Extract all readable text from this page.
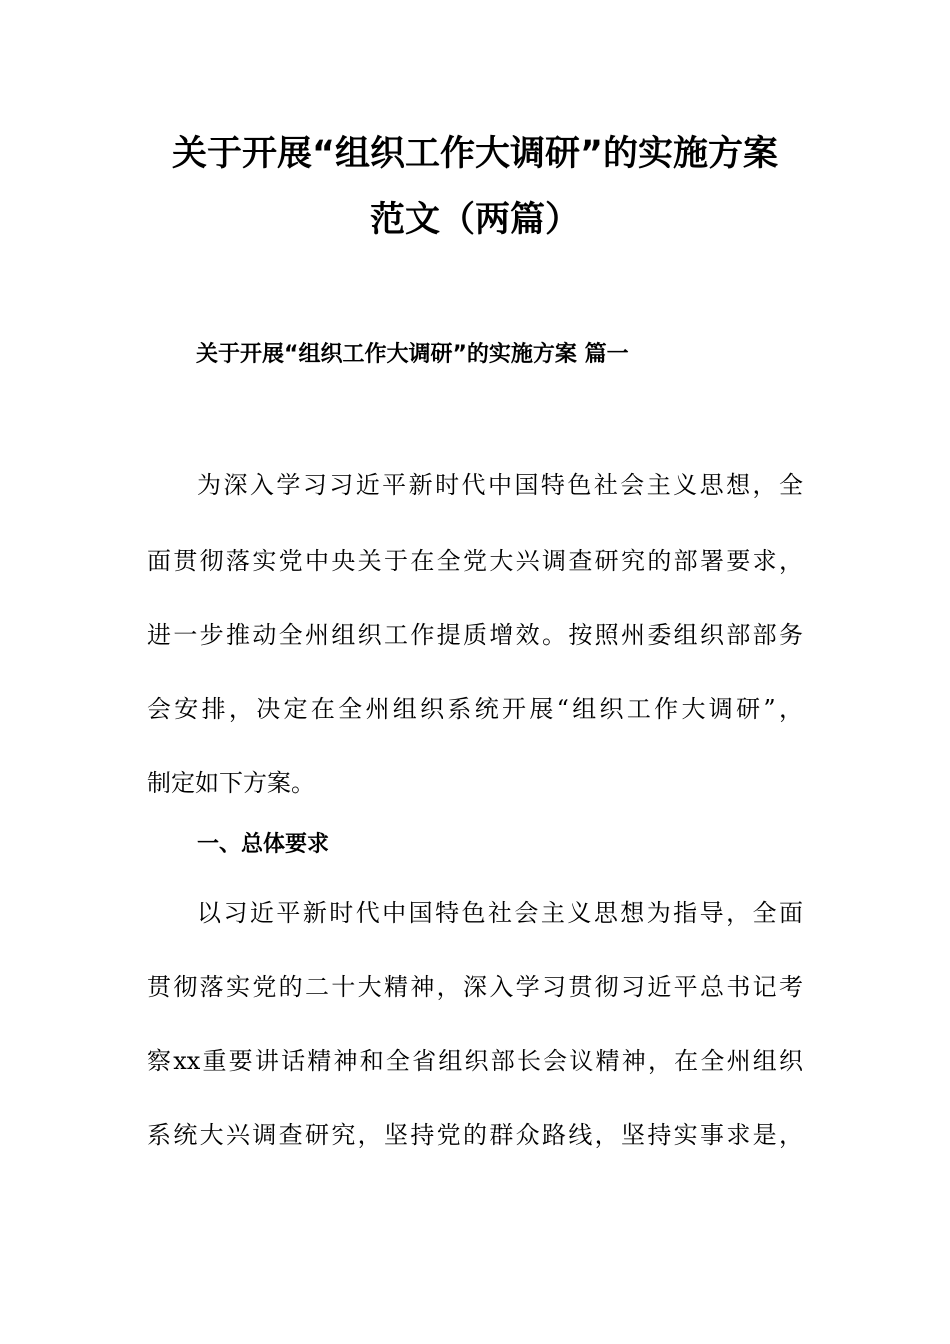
关于开展“组织工作大调研”的实施方案
范文（两篇）
关于开展“组织工作大调研”的实施方案 篇一
为深入学习习近平新时代中国特色社会主义思想，全
面贯彻落实党中央关于在全党大兴调查研究的部署要求，
进一步推动全州组织工作提质增效。按照州委组织部部务
会安排，决定在全州组织系统开展“组织工作大调研”，
制定如下方案。
一、总体要求
以习近平新时代中国特色社会主义思想为指导，全面
贯彻落实党的二十大精神，深入学习贯彻习近平总书记考
察xx重要讲话精神和全省组织部长会议精神，在全州组织
系统大兴调查研究，坚持党的群众路线，坚持实事求是，
